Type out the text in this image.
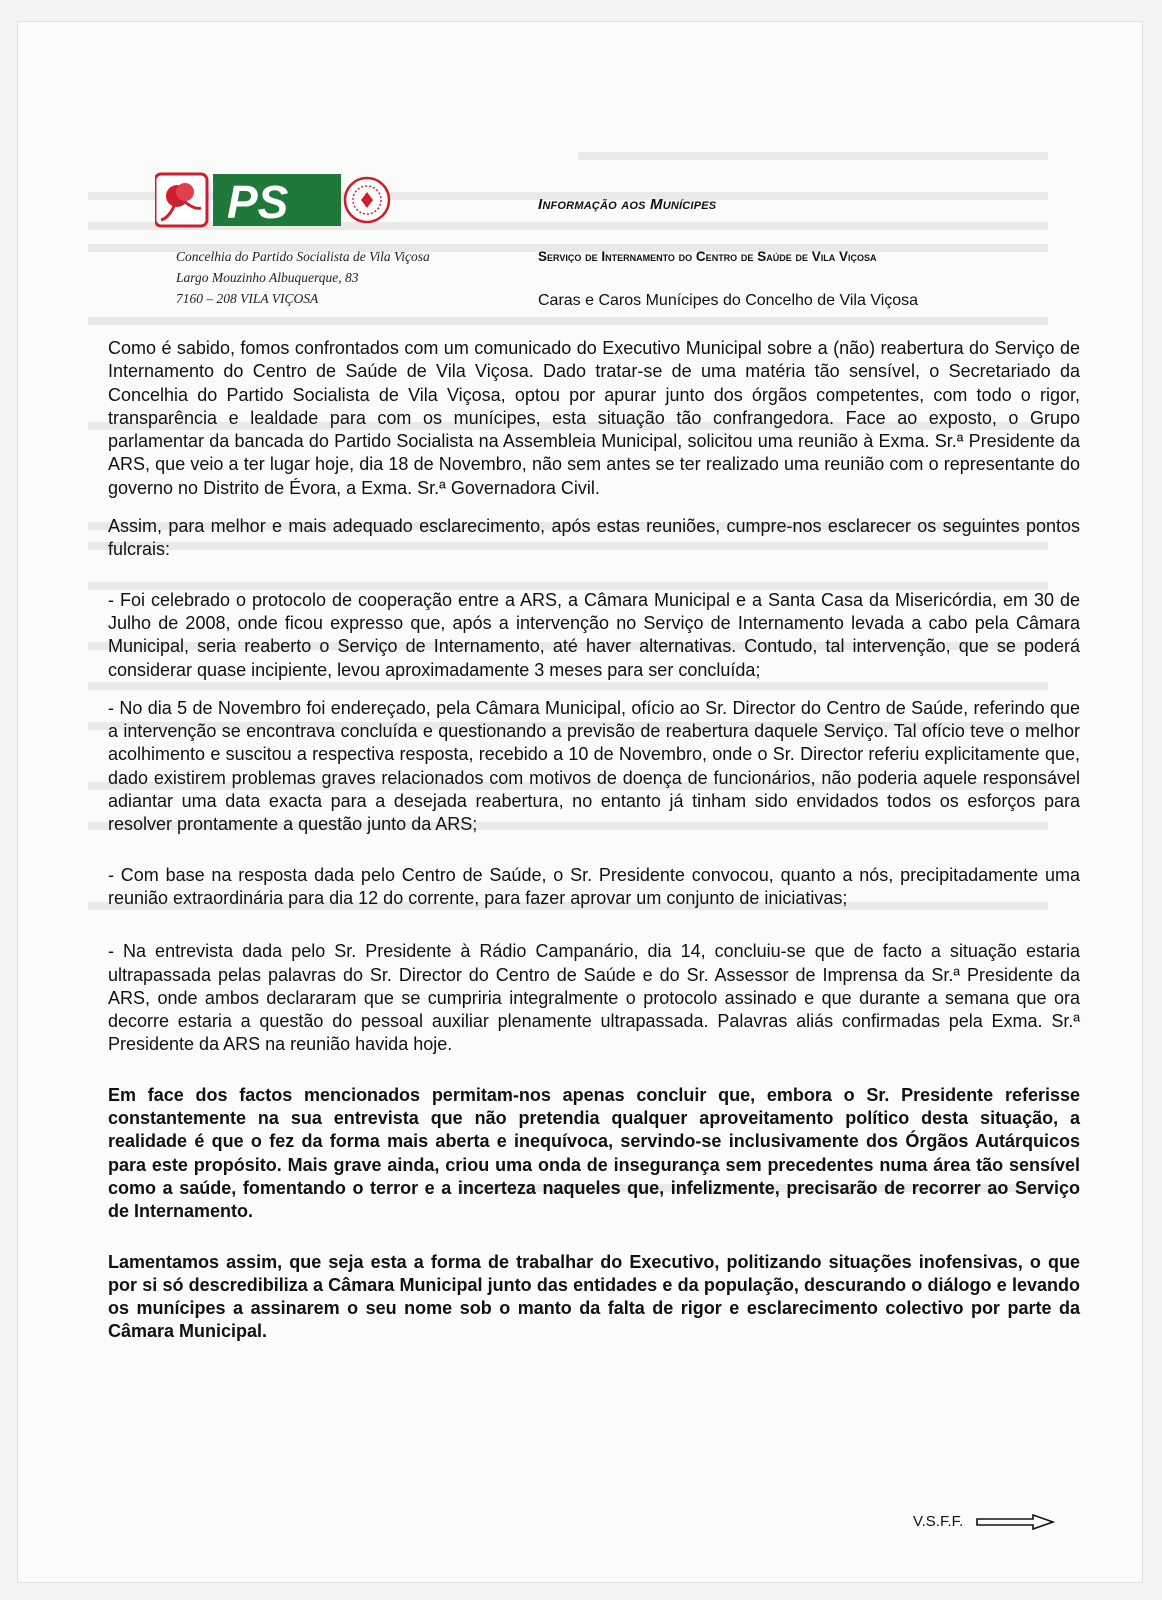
PS
Concelhia do Partido Socialista de Vila Viçosa
Largo Mouzinho Albuquerque, 83
7160 – 208 VILA VIÇOSA
Informação aos Munícipes
Serviço de Internamento do Centro de Saúde de Vila Viçosa
Caras e Caros Munícipes do Concelho de Vila Viçosa

Como é sabido, fomos confrontados com um comunicado do Executivo Municipal sobre a (não) reabertura do Serviço de Internamento do Centro de Saúde de Vila Viçosa. Dado tratar-se de uma matéria tão sensível, o Secretariado da Concelhia do Partido Socialista de Vila Viçosa, optou por apurar junto dos órgãos competentes, com todo o rigor, transparência e lealdade para com os munícipes, esta situação tão confrangedora. Face ao exposto, o Grupo parlamentar da bancada do Partido Socialista na Assembleia Municipal, solicitou uma reunião à Exma. Sr.ª Presidente da ARS, que veio a ter lugar hoje, dia 18 de Novembro, não sem antes se ter realizado uma reunião com o representante do governo no Distrito de Évora, a Exma. Sr.ª Governadora Civil.

Assim, para melhor e mais adequado esclarecimento, após estas reuniões, cumpre-nos esclarecer os seguintes pontos fulcrais:

- Foi celebrado o protocolo de cooperação entre a ARS, a Câmara Municipal e a Santa Casa da Misericórdia, em 30 de Julho de 2008, onde ficou expresso que, após a intervenção no Serviço de Internamento levada a cabo pela Câmara Municipal, seria reaberto o Serviço de Internamento, até haver alternativas. Contudo, tal intervenção, que se poderá considerar quase incipiente, levou aproximadamente 3 meses para ser concluída;

- No dia 5 de Novembro foi endereçado, pela Câmara Municipal, ofício ao Sr. Director do Centro de Saúde, referindo que a intervenção se encontrava concluída e questionando a previsão de reabertura daquele Serviço. Tal ofício teve o melhor acolhimento e suscitou a respectiva resposta, recebido a 10 de Novembro, onde o Sr. Director referiu explicitamente que, dado existirem problemas graves relacionados com motivos de doença de funcionários, não poderia aquele responsável adiantar uma data exacta para a desejada reabertura, no entanto já tinham sido envidados todos os esforços para resolver prontamente a questão junto da ARS;

- Com base na resposta dada pelo Centro de Saúde, o Sr. Presidente convocou, quanto a nós, precipitadamente uma reunião extraordinária para dia 12 do corrente, para fazer aprovar um conjunto de iniciativas;

- Na entrevista dada pelo Sr. Presidente à Rádio Campanário, dia 14, concluiu-se que de facto a situação estaria ultrapassada pelas palavras do Sr. Director do Centro de Saúde e do Sr. Assessor de Imprensa da Sr.ª Presidente da ARS, onde ambos declararam que se cumpriria integralmente o protocolo assinado e que durante a semana que ora decorre estaria a questão do pessoal auxiliar plenamente ultrapassada. Palavras aliás confirmadas pela Exma. Sr.ª Presidente da ARS na reunião havida hoje.

Em face dos factos mencionados permitam-nos apenas concluir que, embora o Sr. Presidente referisse constantemente na sua entrevista que não pretendia qualquer aproveitamento político desta situação, a realidade é que o fez da forma mais aberta e inequívoca, servindo-se inclusivamente dos Órgãos Autárquicos para este propósito. Mais grave ainda, criou uma onda de insegurança sem precedentes numa área tão sensível como a saúde, fomentando o terror e a incerteza naqueles que, infelizmente, precisarão de recorrer ao Serviço de Internamento.

Lamentamos assim, que seja esta a forma de trabalhar do Executivo, politizando situações inofensivas, o que por si só descredibiliza a Câmara Municipal junto das entidades e da população, descurando o diálogo e levando os munícipes a assinarem o seu nome sob o manto da falta de rigor e esclarecimento colectivo por parte da Câmara Municipal.

V.S.F.F.
